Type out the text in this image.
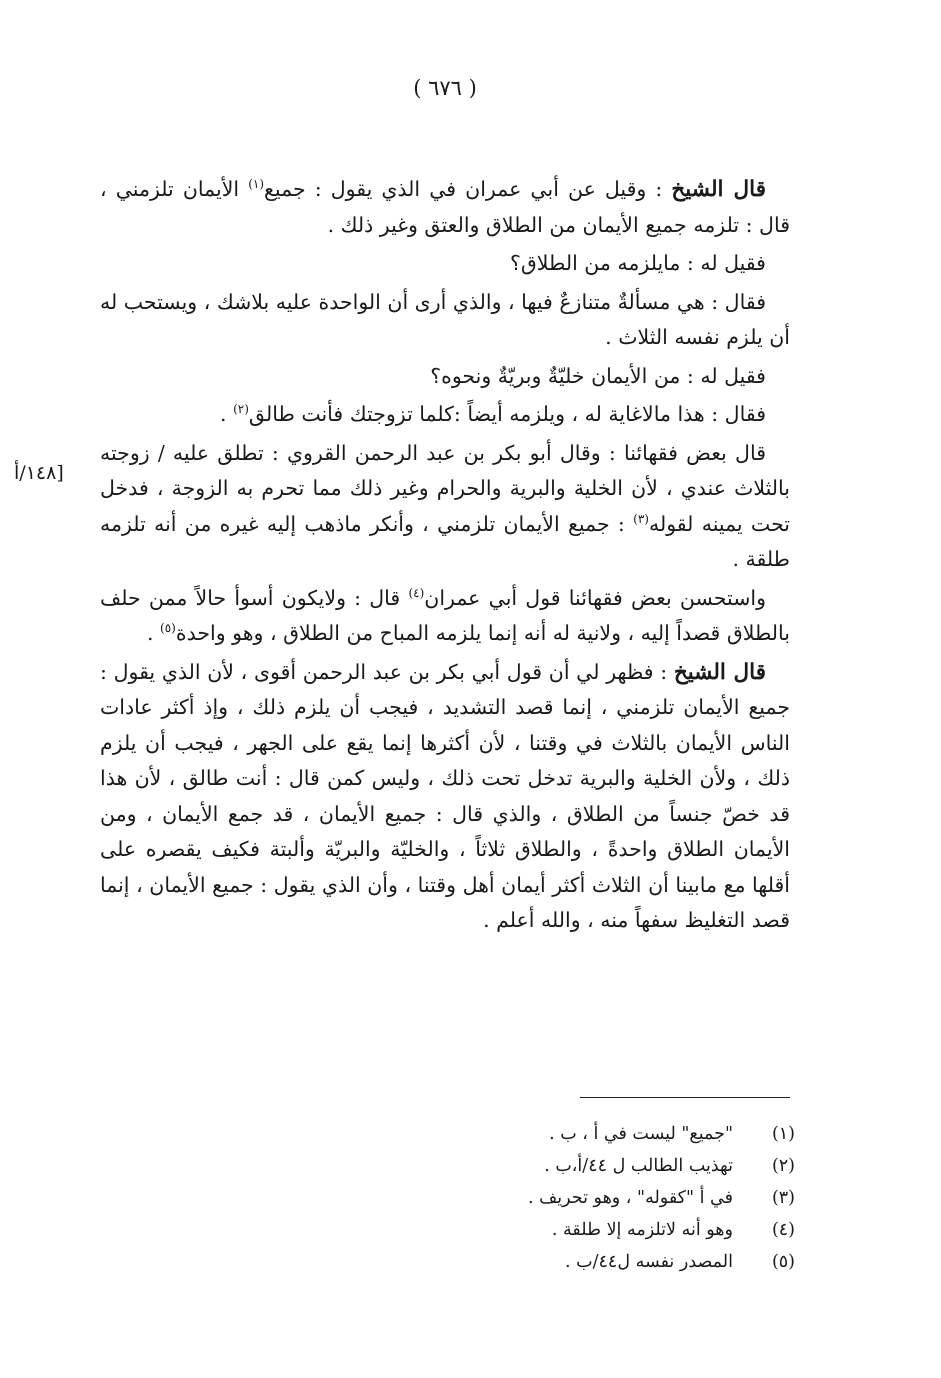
( ٦٧٦ )
[١٤٨/أ

قال الشيخ : وقيل عن أبي عمران في الذي يقول : جميع$^{(١)}$ الأيمان تلزمني ، قال : تلزمه جميع الأيمان من الطلاق والعتق وغير ذلك .

فقيل له : مايلزمه من الطلاق؟

فقال : هي مسألةٌ متنازعٌ فيها ، والذي أرى أن الواحدة عليه بلاشك ، ويستحب له أن يلزم نفسه الثلاث .

فقيل له : من الأيمان خليّةٌ وبريّةٌ ونحوه؟

فقال : هذا مالاغاية له ، ويلزمه أيضاً :كلما تزوجتك فأنت طالق$^{(٢)}$ .

قال بعض فقهائنا : وقال أبو بكر بن عبد الرحمن القروي : تطلق عليه / زوجته بالثلاث عندي ، لأن الخلية والبرية والحرام وغير ذلك مما تحرم به الزوجة ، فدخل تحت يمينه لقوله$^{(٣)}$ : جميع الأيمان تلزمني ، وأنكر ماذهب إليه غيره من أنه تلزمه طلقة .

واستحسن بعض فقهائنا قول أبي عمران$^{(٤)}$ قال : ولايكون أسوأ حالاً ممن حلف بالطلاق قصداً إليه ، ولانية له أنه إنما يلزمه المباح من الطلاق ، وهو واحدة$^{(٥)}$ .

قال الشيخ : فظهر لي أن قول أبي بكر بن عبد الرحمن أقوى ، لأن الذي يقول : جميع الأيمان تلزمني ، إنما قصد التشديد ، فيجب أن يلزم ذلك ، وإذ أكثر عادات الناس الأيمان بالثلاث في وقتنا ، لأن أكثرها إنما يقع على الجهر ، فيجب أن يلزم ذلك ، ولأن الخلية والبرية تدخل تحت ذلك ، وليس كمن قال : أنت طالق ، لأن هذا قد خصّ جنساً من الطلاق ، والذي قال : جميع الأيمان ، قد جمع الأيمان ، ومن الأيمان الطلاق واحدةً ، والطلاق ثلاثاً ، والخليّة والبريّة وألبتة فكيف يقصره على أقلها مع مابينا أن الثلاث أكثر أيمان أهل وقتنا ، وأن الذي يقول : جميع الأيمان ، إنما قصد التغليظ سفهاً منه ، والله أعلم .

(١)"جميع" ليست في أ ، ب .
(٢)تهذيب الطالب ل ٤٤/أ،ب .
(٣)في أ "كقوله" ، وهو تحريف .
(٤)وهو أنه لاتلزمه إلا طلقة .
(٥)المصدر نفسه ل٤٤/ب .
